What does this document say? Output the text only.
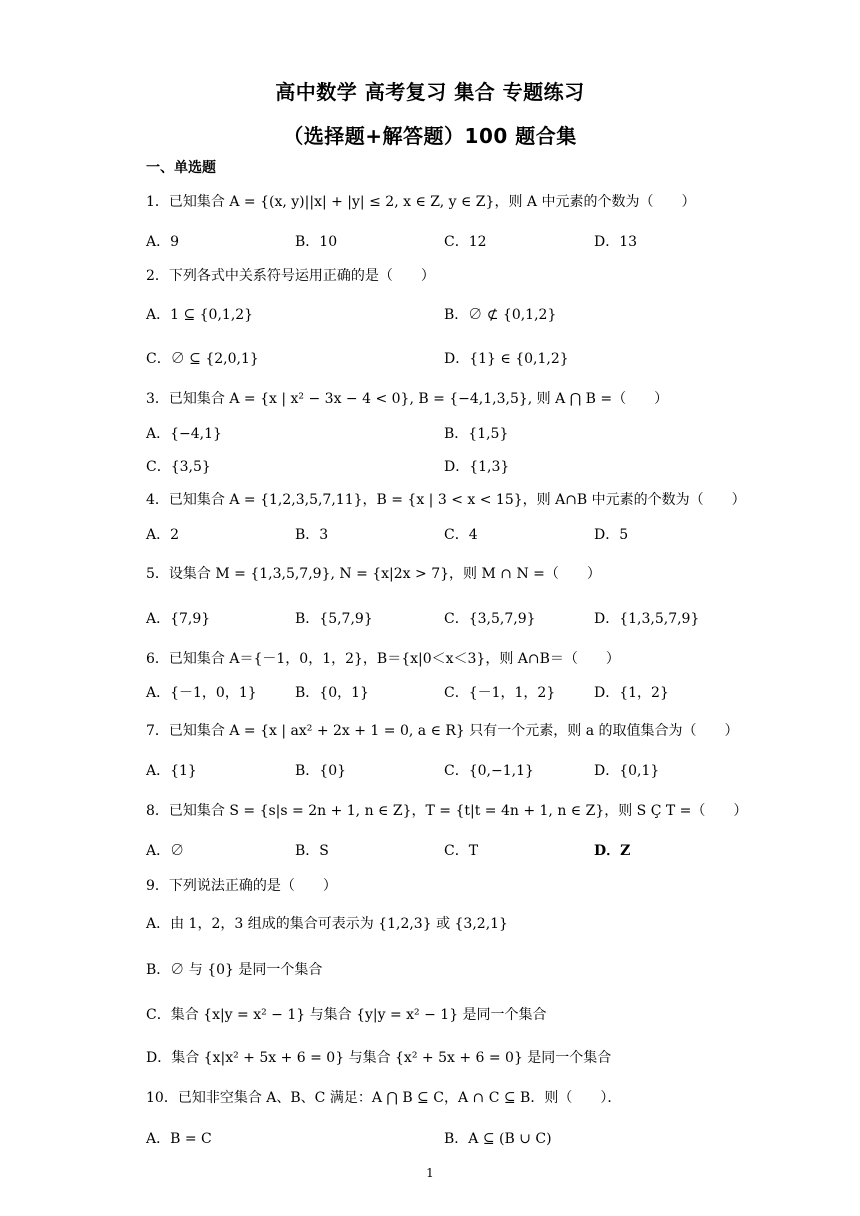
高中数学 高考复习 集合 专题练习
（选择题+解答题）100 题合集
一、单选题
1．已知集合 A = {(x, y)||x| + |y| ≤ 2, x ∈ Z, y ∈ Z}，则 A 中元素的个数为（　　）
A．9	B．10	C．12	D．13
2．下列各式中关系符号运用正确的是（　　）
A．1 ⊆ {0,1,2}	B．∅ ⊄ {0,1,2}
C．∅ ⊆ {2,0,1}	D．{1} ∈ {0,1,2}
3．已知集合 A = {x | x² − 3x − 4 < 0}, B = {−4,1,3,5}, 则 A ⋂ B =（　　）
A．{−4,1}	B．{1,5}
C．{3,5}	D．{1,3}
4．已知集合 A = {1,2,3,5,7,11}，B = {x | 3 < x < 15}，则 A∩B 中元素的个数为（　　）
A．2	B．3	C．4	D．5
5．设集合 M = {1,3,5,7,9}, N = {x|2x > 7}，则 M ∩ N =（　　）
A．{7,9}	B．{5,7,9}	C．{3,5,7,9}	D．{1,3,5,7,9}
6．已知集合 A＝{－1，0，1，2}，B＝{x|0＜x＜3}，则 A∩B＝（　　）
A．{－1，0，1}	B．{0，1}	C．{－1，1，2}	D．{1，2}
7．已知集合 A = {x | ax² + 2x + 1 = 0, a ∈ R} 只有一个元素，则 a 的取值集合为（　　）
A．{1}	B．{0}	C．{0,−1,1}	D．{0,1}
8．已知集合 S = {s|s = 2n + 1, n ∈ Z}，T = {t|t = 4n + 1, n ∈ Z}，则 S Ç T =（　　）
A．∅	B．S	C．T	D．Z
9．下列说法正确的是（　　）
A．由 1，2，3 组成的集合可表示为 {1,2,3} 或 {3,2,1}
B．∅ 与 {0} 是同一个集合
C．集合 {x|y = x² − 1} 与集合 {y|y = x² − 1} 是同一个集合
D．集合 {x|x² + 5x + 6 = 0} 与集合 {x² + 5x + 6 = 0} 是同一个集合
10．已知非空集合 A、B、C 满足：A ⋂ B ⊆ C，A ∩ C ⊆ B．则（　　）．
A．B = C	B．A ⊆ (B ∪ C)
1
